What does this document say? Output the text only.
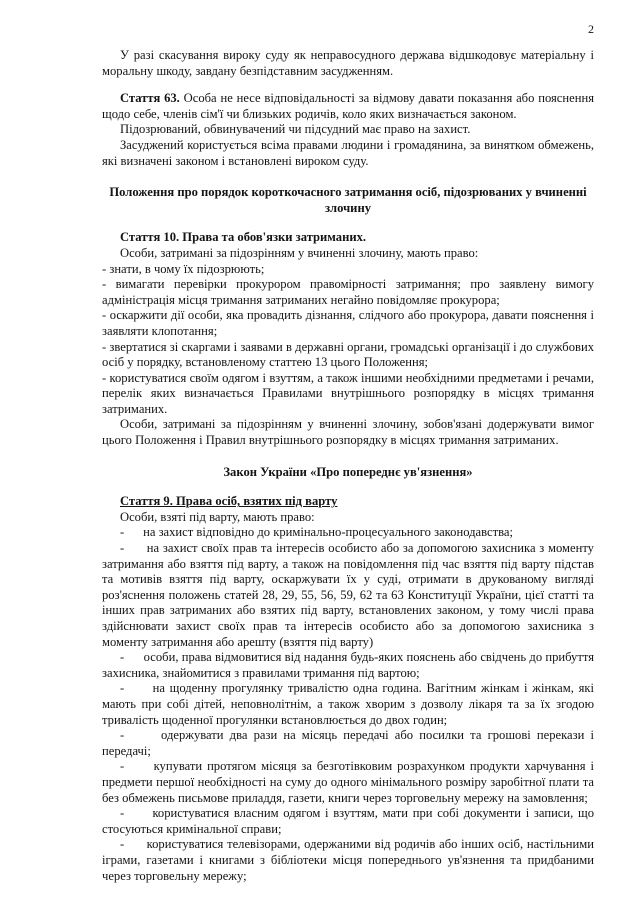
2

У разі скасування вироку суду як неправосудного держава відшкодовує матеріальну і моральну шкоду, завдану безпідставним засудженням.

Стаття 63. Особа не несе відповідальності за відмову давати показання або пояснення щодо себе, членів сім'ї чи близьких родичів, коло яких визначається законом.

Підозрюваний, обвинувачений чи підсудний має право на захист.

Засуджений користується всіма правами людини і громадянина, за винятком обмежень, які визначені законом і встановлені вироком суду.

Положення про порядок короткочасного затримання осіб, підозрюваних у вчиненні злочину

Стаття 10. Права та обов'язки затриманих.

Особи, затримані за підозрінням у вчиненні злочину, мають право:

- знати, в чому їх підозрюють;

- вимагати перевірки прокурором правомірності затримання; про заявлену вимогу адміністрація місця тримання затриманих негайно повідомляє прокурора;

- оскаржити дії особи, яка провадить дізнання, слідчого або прокурора, давати пояснення і заявляти клопотання;

- звертатися зі скаргами і заявами в державні органи, громадські організації і до службових осіб у порядку, встановленому статтею 13 цього Положення;

- користуватися своїм одягом і взуттям, а також іншими необхідними предметами і речами, перелік яких визначається Правилами внутрішнього розпорядку в місцях тримання затриманих.

Особи, затримані за підозрінням у вчиненні злочину, зобов'язані додержувати вимог цього Положення і Правил внутрішнього розпорядку в місцях тримання затриманих.

Закон України «Про попереднє ув'язнення»

Стаття 9. Права осіб, взятих під варту

Особи, взяті під варту, мають право:

-      на захист відповідно до кримінально-процесуального законодавства;

-      на захист своїх прав та інтересів особисто або за допомогою захисника з моменту затримання або взяття під варту, а також на повідомлення під час взяття під варту підстав та мотивів взяття під варту, оскаржувати їх у суді, отримати в друкованому вигляді роз'яснення положень статей 28, 29, 55, 56, 59, 62 та 63 Конституції України, цієї статті та інших прав затриманих або взятих під варту, встановлених законом, у тому числі права здійснювати захист своїх прав та інтересів особисто або за допомогою захисника з моменту затримання або арешту (взяття під варту)

-      особи, права відмовитися від надання будь-яких пояснень або свідчень до прибуття захисника, знайомитися з правилами тримання під вартою;

-      на щоденну прогулянку тривалістю одна година. Вагітним жінкам і жінкам, які мають при собі дітей, неповнолітнім, а також хворим з дозволу лікаря та за їх згодою тривалість щоденної прогулянки встановлюється до двох годин;

-      одержувати два рази на місяць передачі або посилки та грошові перекази і передачі;

-      купувати протягом місяця за безготівковим розрахунком продукти харчування і предмети першої необхідності на суму до одного мінімального розміру заробітної плати та без обмежень письмове приладдя, газети, книги через торговельну мережу на замовлення;

-      користуватися власним одягом і взуттям, мати при собі документи і записи, що стосуються кримінальної справи;

-      користуватися телевізорами, одержаними від родичів або інших осіб, настільними іграми, газетами і книгами з бібліотеки місця попереднього ув'язнення та придбаними через торговельну мережу;
